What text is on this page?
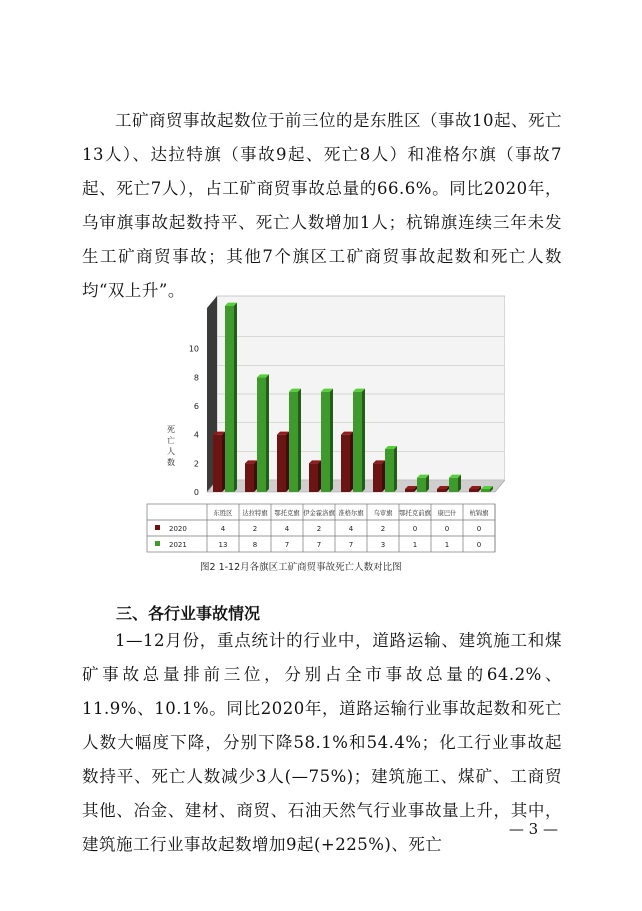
工矿商贸事故起数位于前三位的是东胜区（事故10起、死亡13人）、达拉特旗（事故9起、死亡8人）和准格尔旗（事故7起、死亡7人），占工矿商贸事故总量的66.6%。同比2020年，乌审旗事故起数持平、死亡人数增加1人；杭锦旗连续三年未发生工矿商贸事故；其他7个旗区工矿商贸事故起数和死亡人数均“双上升”。

0
2
4
6
8
10
死
亡
人
数
东胜区 达拉特旗 鄂托克旗 伊金霍洛旗 准格尔旗 乌审旗 鄂托克前旗 康巴什 杭锦旗
2020	4	2	4	2	4	2	0	0	0
2021	13	8	7	7	7	3	1	1	0
图2 1-12月各旗区工矿商贸事故死亡人数对比图
三、各行业事故情况

1—12月份，重点统计的行业中，道路运输、建筑施工和煤矿事故总量排前三位，分别占全市事故总量的64.2%、11.9%、10.1%。同比2020年，道路运输行业事故起数和死亡人数大幅度下降，分别下降58.1%和54.4%；化工行业事故起数持平、死亡人数减少3人(—75%)；建筑施工、煤矿、工商贸其他、冶金、建材、商贸、石油天然气行业事故量上升，其中，建筑施工行业事故起数增加9起(+225%)、死亡

— 3 —
